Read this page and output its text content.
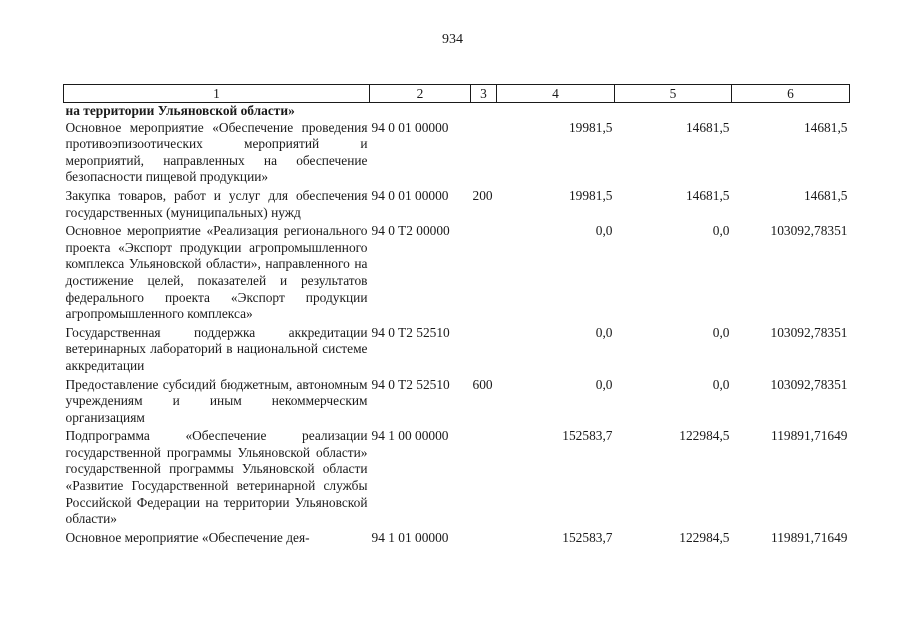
934
1	2	3	4	5	6
на территории Ульяновской области»					
Основное мероприятие «Обеспечение проведения противоэпизоотических мероприятий и мероприятий, направленных на обеспечение безопасности пищевой продукции»	94 0 01 00000		19981,5	14681,5	14681,5
Закупка товаров, работ и услуг для обеспечения государственных (муниципальных) нужд	94 0 01 00000	200	19981,5	14681,5	14681,5
Основное мероприятие «Реализация регионального проекта «Экспорт продукции агропромышленного комплекса Ульяновской области», направленного на достижение целей, показателей и результатов федерального проекта «Экспорт продукции агропромышленного комплекса»	94 0 T2 00000		0,0	0,0	103092,78351
Государственная поддержка аккредитации ветеринарных лабораторий в национальной системе аккредитации	94 0 T2 52510		0,0	0,0	103092,78351
Предоставление субсидий бюджетным, автономным учреждениям и иным некоммерческим организациям	94 0 T2 52510	600	0,0	0,0	103092,78351
Подпрограмма «Обеспечение реализации государственной программы Ульяновской области» государственной программы Ульяновской области «Развитие Государственной ветеринарной службы Российской Федерации на территории Ульяновской области»	94 1 00 00000		152583,7	122984,5	119891,71649
Основное мероприятие «Обеспечение дея-	94 1 01 00000		152583,7	122984,5	119891,71649
